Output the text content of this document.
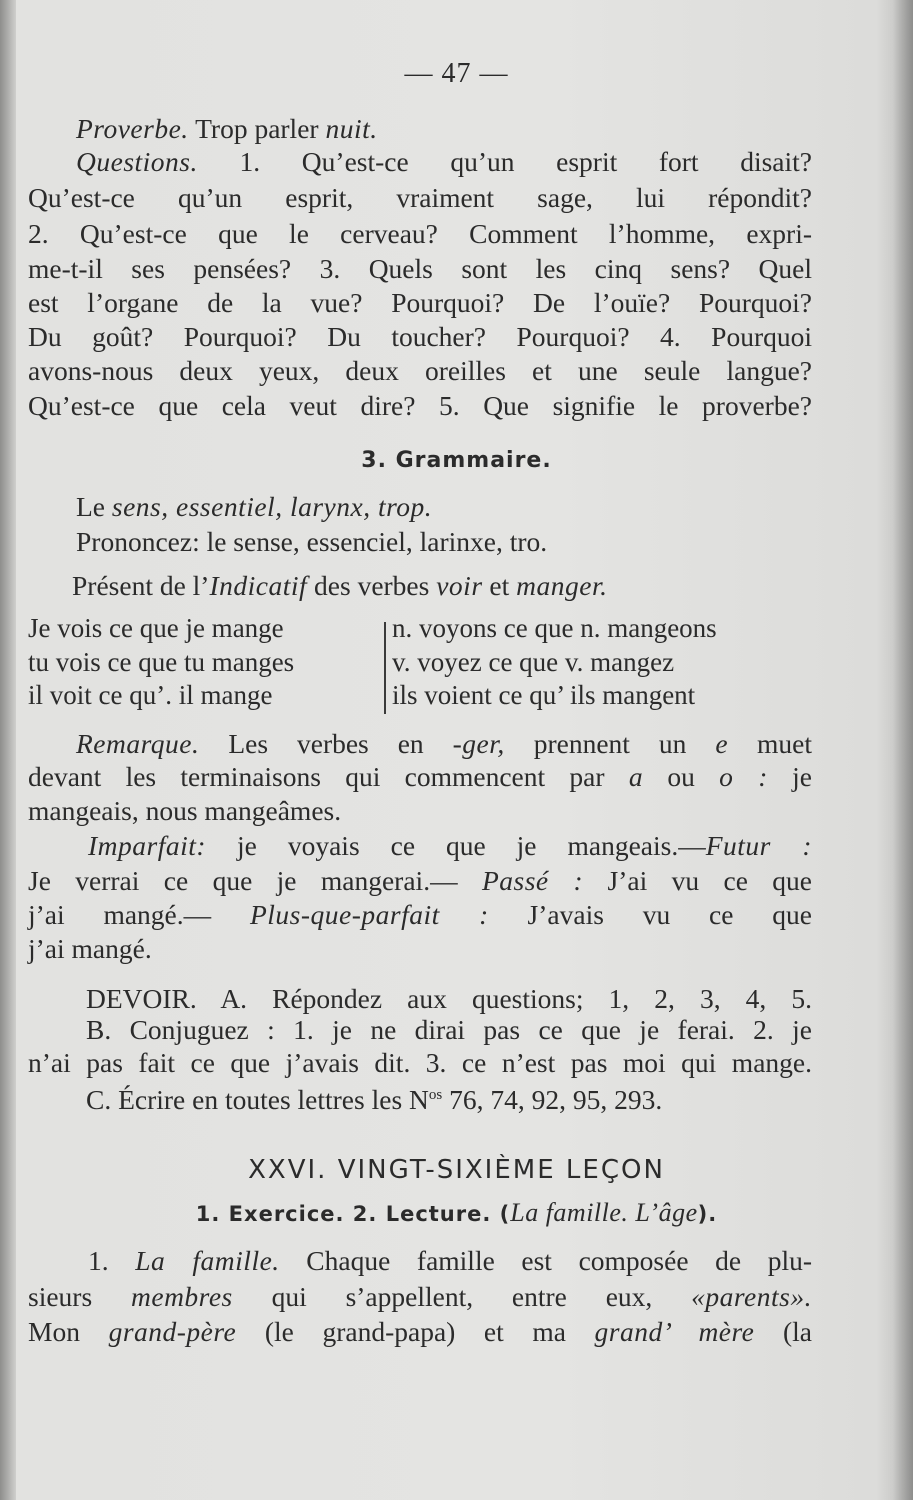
— 47 —
Proverbe. Trop parler nuit.
Questions. 1. Qu’est-ce qu’un esprit fort disait?
Qu’est-ce qu’un esprit, vraiment sage, lui répondit?
2. Qu’est-ce que le cerveau? Comment l’homme, expri-
me-t-il ses pensées? 3. Quels sont les cinq sens? Quel
est l’organe de la vue? Pourquoi? De l’ouïe? Pourquoi?
Du goût? Pourquoi? Du toucher? Pourquoi? 4. Pourquoi
avons-nous deux yeux, deux oreilles et une seule langue?
Qu’est-ce que cela veut dire? 5. Que signifie le proverbe?
3. Grammaire.
Le sens, essentiel, larynx, trop.
Prononcez: le sense, essenciel, larinxe, tro.
Présent de l’Indicatif des verbes voir et manger.
Je vois ce que je mange
tu vois ce que tu manges
il voit ce qu’. il mange
n. voyons ce que n. mangeons
v. voyez ce que v. mangez
ils voient ce qu’ ils mangent
Remarque. Les verbes en -ger, prennent un e muet
devant les terminaisons qui commencent par a ou o : je
mangeais, nous mangeâmes.
Imparfait: je voyais ce que je mangeais.—Futur :
Je verrai ce que je mangerai.— Passé : J’ai vu ce que
j’ai mangé.— Plus-que-parfait : J’avais vu ce que
j’ai mangé.
DEVOIR. A. Répondez aux questions; 1, 2, 3, 4, 5.
B. Conjuguez : 1. je ne dirai pas ce que je ferai. 2. je
n’ai pas fait ce que j’avais dit. 3. ce n’est pas moi qui mange.
C. Écrire en toutes lettres les $N^{os}$ 76, 74, 92, 95, 293.
XXVI. VINGT-SIXIÈME LEÇON
1. Exercice. 2. Lecture. (La famille. L’âge).
1. La famille. Chaque famille est composée de plu-
sieurs membres qui s’appellent, entre eux, «parents».
Mon grand-père (le grand-papa) et ma grand’ mère (la
